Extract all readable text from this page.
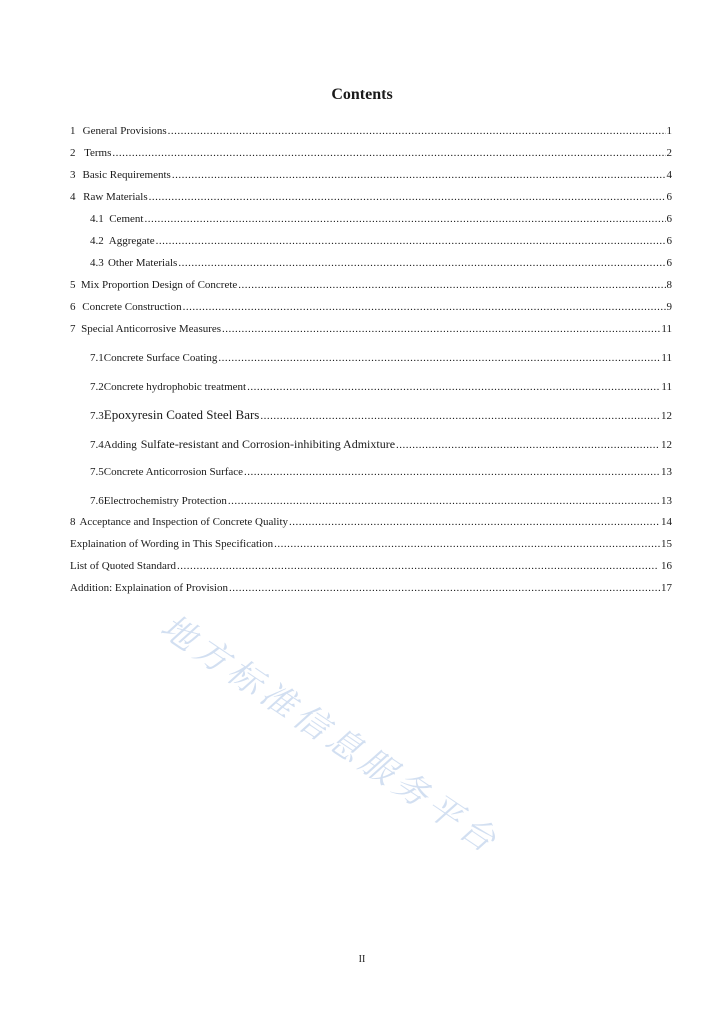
Contents
1 General Provisions .....	1
2 Terms .....	2
3 Basic Requirements .....	4
4 Raw Materials .....	6
4.1 Cement .....	6
4.2 Aggregate .....	6
4.3 Other Materials .....	6
5 Mix Proportion Design of Concrete .....	8
6 Concrete Construction .....	9
7 Special Anticorrosive Measures .....	11
7.1 Concrete Surface Coating .....	11
7.2 Concrete hydrophobic treatment .....	11
7.3 Epoxyresin Coated Steel Bars .....	12
7.4 Adding Sulfate-resistant and Corrosion-inhibiting Admixture .....	12
7.5 Concrete Anticorrosion Surface .....	13
7.6 Electrochemistry Protection .....	13
8 Acceptance and Inspection of Concrete Quality .....	14
Explaination of Wording in This Specification .....	15
List of Quoted Standard .....	16
Addition: Explaination of Provision .....	17
地方标准信息服务平台
II
